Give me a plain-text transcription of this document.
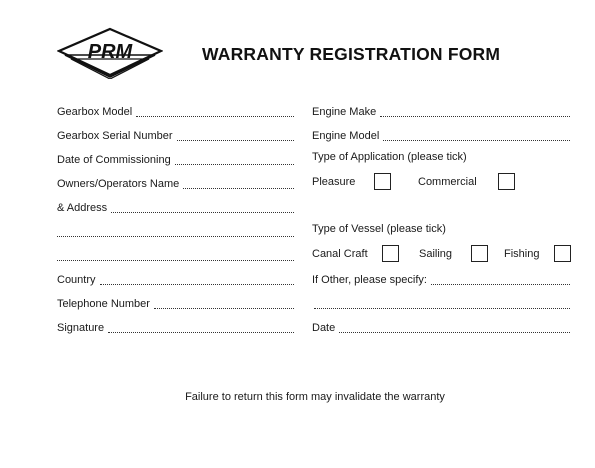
PRM	WARRANTY REGISTRATION FORM
Gearbox Model
Gearbox Serial Number
Date of Commissioning
Owners/Operators Name
& Address
Country
Telephone Number
Signature
Engine Make
Engine Model
Type of Application (please tick)
Pleasure	Commercial
Type of Vessel (please tick)
Canal Craft	Sailing	Fishing
If Other, please specify:
Date
Failure to return this form may invalidate the warranty
